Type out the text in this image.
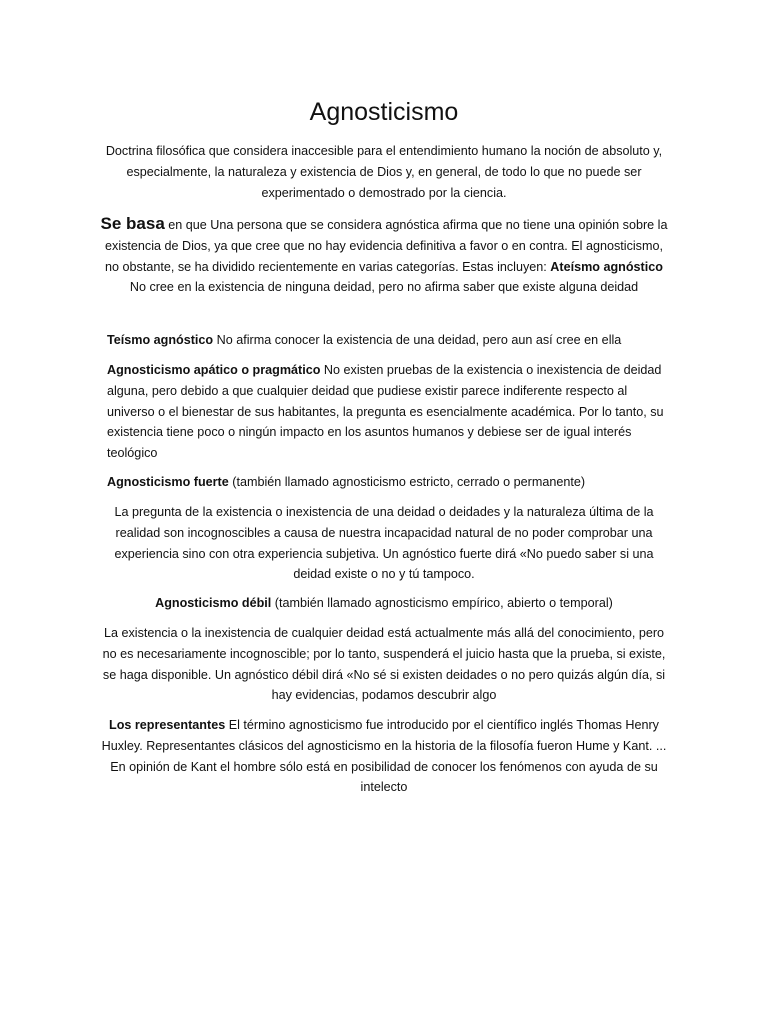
Agnosticismo

Doctrina filosófica que considera inaccesible para el entendimiento humano la noción de absoluto y, especialmente, la naturaleza y existencia de Dios y, en general, de todo lo que no puede ser experimentado o demostrado por la ciencia.

Se basa en que Una persona que se considera agnóstica afirma que no tiene una opinión sobre la existencia de Dios, ya que cree que no hay evidencia definitiva a favor o en contra. El agnosticismo, no obstante, se ha dividido recientemente en varias categorías. Estas incluyen: Ateísmo agnóstico No cree en la existencia de ninguna deidad, pero no afirma saber que existe alguna deidad

Teísmo agnóstico No afirma conocer la existencia de una deidad, pero aun así cree en ella

Agnosticismo apático o pragmático No existen pruebas de la existencia o inexistencia de deidad alguna, pero debido a que cualquier deidad que pudiese existir parece indiferente respecto al universo o el bienestar de sus habitantes, la pregunta es esencialmente académica. Por lo tanto, su existencia tiene poco o ningún impacto en los asuntos humanos y debiese ser de igual interés teológico

Agnosticismo fuerte (también llamado agnosticismo estricto, cerrado o permanente)

La pregunta de la existencia o inexistencia de una deidad o deidades y la naturaleza última de la realidad son incognoscibles a causa de nuestra incapacidad natural de no poder comprobar una experiencia sino con otra experiencia subjetiva. Un agnóstico fuerte dirá «No puedo saber si una deidad existe o no y tú tampoco.

Agnosticismo débil (también llamado agnosticismo empírico, abierto o temporal)

La existencia o la inexistencia de cualquier deidad está actualmente más allá del conocimiento, pero no es necesariamente incognoscible; por lo tanto, suspenderá el juicio hasta que la prueba, si existe, se haga disponible. Un agnóstico débil dirá «No sé si existen deidades o no pero quizás algún día, si hay evidencias, podamos descubrir algo

Los representantes El término agnosticismo fue introducido por el científico inglés Thomas Henry Huxley. Representantes clásicos del agnosticismo en la historia de la filosofía fueron Hume y Kant. ... En opinión de Kant el hombre sólo está en posibilidad de conocer los fenómenos con ayuda de su intelecto
